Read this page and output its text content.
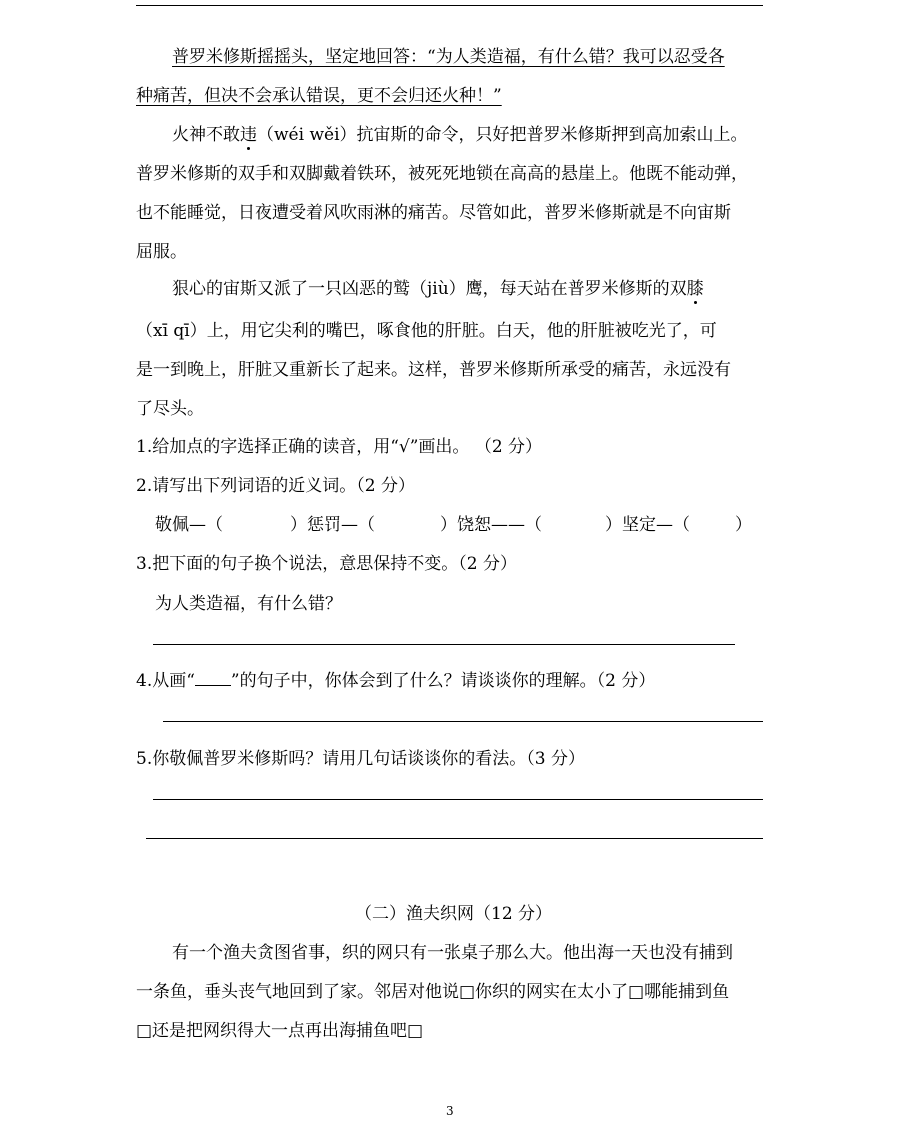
普罗米修斯摇摇头，坚定地回答：“为人类造福，有什么错？我可以忍受各
种痛苦，但决不会承认错误，更不会归还火种！”
火神不敢违（wéi wěi）抗宙斯的命令，只好把普罗米修斯押到高加索山上。
普罗米修斯的双手和双脚戴着铁环，被死死地锁在高高的悬崖上。他既不能动弹，
也不能睡觉，日夜遭受着风吹雨淋的痛苦。尽管如此，普罗米修斯就是不向宙斯
屈服。
狠心的宙斯又派了一只凶恶的鹫（jiù）鹰，每天站在普罗米修斯的双膝
（xī qī）上，用它尖利的嘴巴，啄食他的肝脏。白天，他的肝脏被吃光了，可
是一到晚上，肝脏又重新长了起来。这样，普罗米修斯所承受的痛苦，永远没有
了尽头。
1.给加点的字选择正确的读音，用“√”画出。 （2 分）
2.请写出下列词语的近义词。（2 分）
敬佩—（	）惩罚—（	）饶恕——（	）坚定—（	）
3.把下面的句子换个说法，意思保持不变。（2 分）
为人类造福，有什么错？
4.从画“ ”的句子中，你体会到了什么？请谈谈你的理解。（2 分）
5.你敬佩普罗米修斯吗？请用几句话谈谈你的看法。（3 分）
（二）渔夫织网（12 分）
有一个渔夫贪图省事，织的网只有一张桌子那么大。他出海一天也没有捕到
一条鱼，垂头丧气地回到了家。邻居对他说□你织的网实在太小了□哪能捕到鱼
□还是把网织得大一点再出海捕鱼吧□
3
